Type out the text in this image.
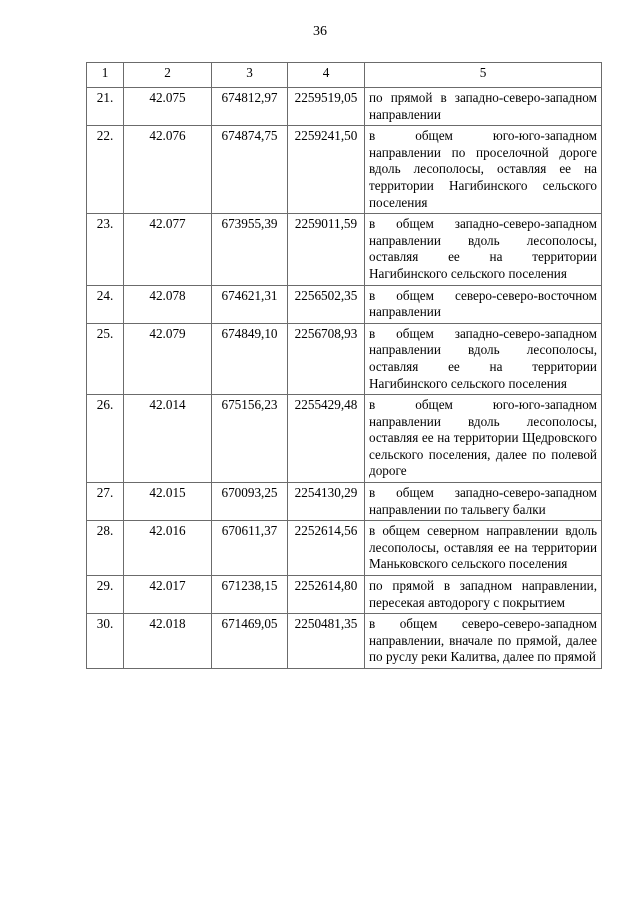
36
1	2	3	4	5
21.	42.075	674812,97	2259519,05	по прямой в западно-северо-западном направлении
22.	42.076	674874,75	2259241,50	в общем юго-юго-западном направлении по проселочной дороге вдоль лесополосы, оставляя ее на территории Нагибинского сельского поселения
23.	42.077	673955,39	2259011,59	в общем западно-северо-западном направлении вдоль лесополосы, оставляя ее на территории Нагибинского сельского поселения
24.	42.078	674621,31	2256502,35	в общем северо-северо-восточном направлении
25.	42.079	674849,10	2256708,93	в общем западно-северо-западном направлении вдоль лесополосы, оставляя ее на территории Нагибинского сельского поселения
26.	42.014	675156,23	2255429,48	в общем юго-юго-западном направлении вдоль лесополосы, оставляя ее на территории Щедровского сельского поселения, далее по полевой дороге
27.	42.015	670093,25	2254130,29	в общем западно-северо-западном направлении по тальвегу балки
28.	42.016	670611,37	2252614,56	в общем северном направлении вдоль лесополосы, оставляя ее на территории Маньковского сельского поселения
29.	42.017	671238,15	2252614,80	по прямой в западном направлении, пересекая автодорогу с покрытием
30.	42.018	671469,05	2250481,35	в общем северо-северо-западном направлении, вначале по прямой, далее по руслу реки Калитва, далее по прямой
